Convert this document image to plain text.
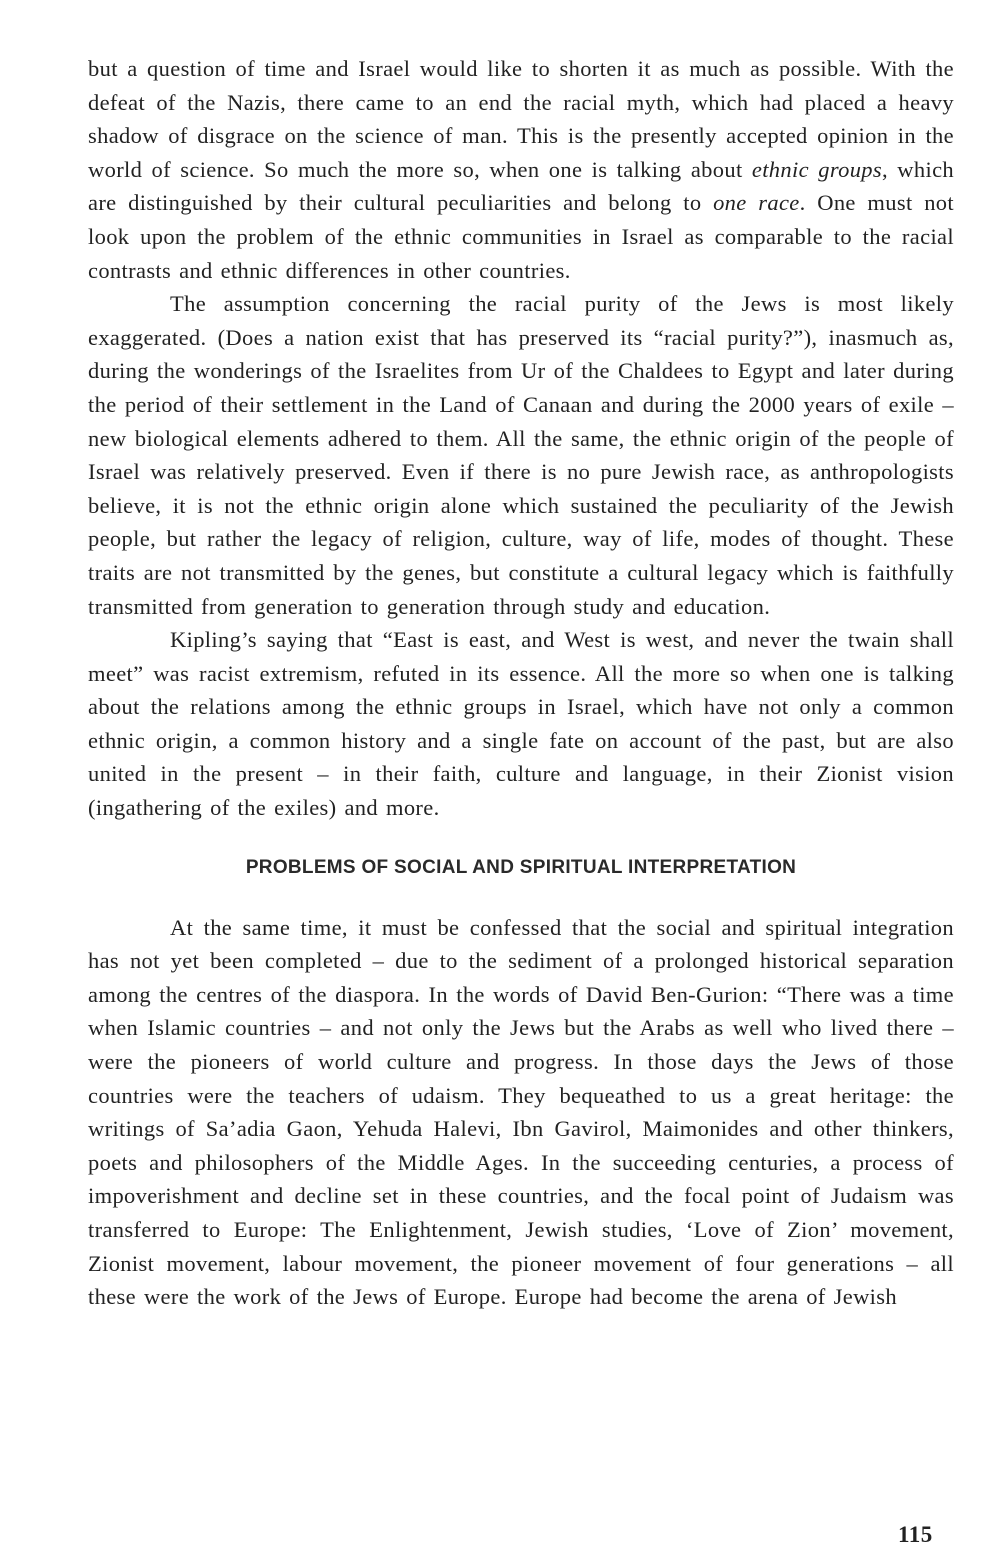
but a question of time and Israel would like to shorten it as much as possible. With the defeat of the Nazis, there came to an end the racial myth, which had placed a heavy shadow of disgrace on the science of man. This is the presently accepted opinion in the world of science. So much the more so, when one is talking about ethnic groups, which are distinguished by their cultural peculiarities and belong to one race. One must not look upon the problem of the ethnic communities in Israel as comparable to the racial contrasts and ethnic differences in other countries.

The assumption concerning the racial purity of the Jews is most likely exaggerated. (Does a nation exist that has preserved its “racial purity?”), inasmuch as, during the wonderings of the Israelites from Ur of the Chaldees to Egypt and later during the period of their settlement in the Land of Canaan and during the 2000 years of exile – new biological elements adhered to them. All the same, the ethnic origin of the people of Israel was relatively preserved. Even if there is no pure Jewish race, as anthropologists believe, it is not the ethnic origin alone which sustained the peculiarity of the Jewish people, but rather the legacy of religion, culture, way of life, modes of thought. These traits are not transmitted by the genes, but constitute a cultural legacy which is faithfully transmitted from generation to generation through study and education.

Kipling’s saying that “East is east, and West is west, and never the twain shall meet” was racist extremism, refuted in its essence. All the more so when one is talking about the relations among the ethnic groups in Israel, which have not only a common ethnic origin, a common history and a single fate on account of the past, but are also united in the present – in their faith, culture and language, in their Zionist vision (ingathering of the exiles) and more.

PROBLEMS OF SOCIAL AND SPIRITUAL INTERPRETATION

At the same time, it must be confessed that the social and spiritual integration has not yet been completed – due to the sediment of a prolonged historical separation among the centres of the diaspora. In the words of David Ben-Gurion: “There was a time when Islamic countries – and not only the Jews but the Arabs as well who lived there – were the pioneers of world culture and progress. In those days the Jews of those countries were the teachers of udaism. They bequeathed to us a great heritage: the writings of Sa’adia Gaon, Yehuda Halevi, Ibn Gavirol, Maimonides and other thinkers, poets and philosophers of the Middle Ages. In the succeeding centuries, a process of impoverishment and decline set in these countries, and the focal point of Judaism was transferred to Europe: The Enlightenment, Jewish studies, ‘Love of Zion’ movement, Zionist movement, labour movement, the pioneer movement of four generations – all these were the work of the Jews of Europe. Europe had become the arena of Jewish

115
